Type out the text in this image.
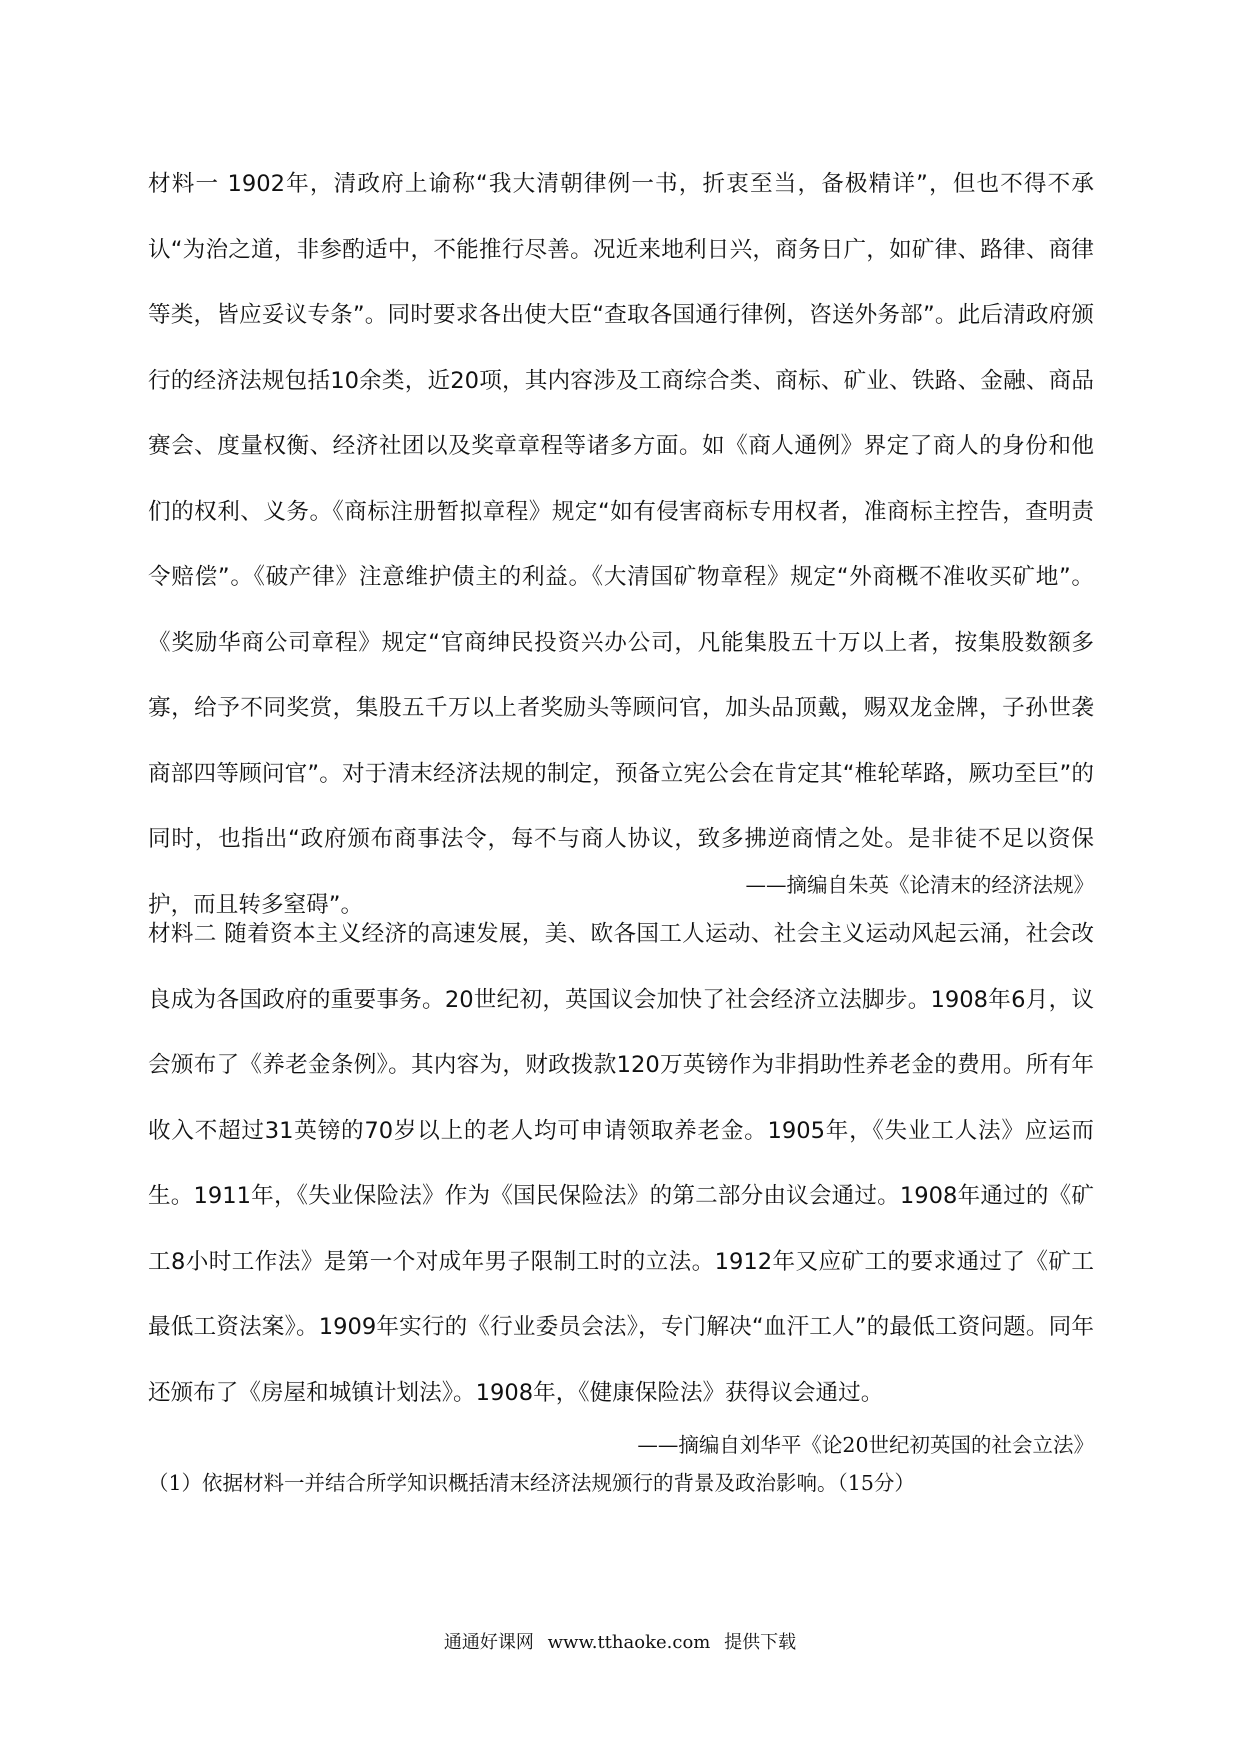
材料一 1902年，清政府上谕称“我大清朝律例一书，折衷至当，备极精详”，但也不得不承认“为治之道，非参酌适中，不能推行尽善。况近来地利日兴，商务日广，如矿律、路律、商律等类，皆应妥议专条”。同时要求各出使大臣“查取各国通行律例，咨送外务部”。此后清政府颁行的经济法规包括10余类，近20项，其内容涉及工商综合类、商标、矿业、铁路、金融、商品赛会、度量权衡、经济社团以及奖章章程等诸多方面。如《商人通例》界定了商人的身份和他们的权利、义务。《商标注册暂拟章程》规定“如有侵害商标专用权者，准商标主控告，查明责令赔偿”。《破产律》注意维护债主的利益。《大清国矿物章程》规定“外商概不准收买矿地”。《奖励华商公司章程》规定“官商绅民投资兴办公司，凡能集股五十万以上者，按集股数额多寡，给予不同奖赏，集股五千万以上者奖励头等顾问官，加头品顶戴，赐双龙金牌，子孙世袭商部四等顾问官”。对于清末经济法规的制定，预备立宪公会在肯定其“椎轮荜路，厥功至巨”的同时，也指出“政府颁布商事法令，每不与商人协议，致多拂逆商情之处。是非徒不足以资保护，而且转多窒碍”。

——摘编自朱英《论清末的经济法规》

材料二 随着资本主义经济的高速发展，美、欧各国工人运动、社会主义运动风起云涌，社会改良成为各国政府的重要事务。20世纪初，英国议会加快了社会经济立法脚步。1908年6月，议会颁布了《养老金条例》。其内容为，财政拨款120万英镑作为非捐助性养老金的费用。所有年收入不超过31英镑的70岁以上的老人均可申请领取养老金。1905年，《失业工人法》应运而生。1911年，《失业保险法》作为《国民保险法》的第二部分由议会通过。1908年通过的《矿工8小时工作法》是第一个对成年男子限制工时的立法。1912年又应矿工的要求通过了《矿工最低工资法案》。1909年实行的《行业委员会法》，专门解决“血汗工人”的最低工资问题。同年还颁布了《房屋和城镇计划法》。1908年，《健康保险法》获得议会通过。

——摘编自刘华平《论20世纪初英国的社会立法》

（1）依据材料一并结合所学知识概括清末经济法规颁行的背景及政治影响。（15分）

通通好课网 www.tthaoke.com 提供下载
